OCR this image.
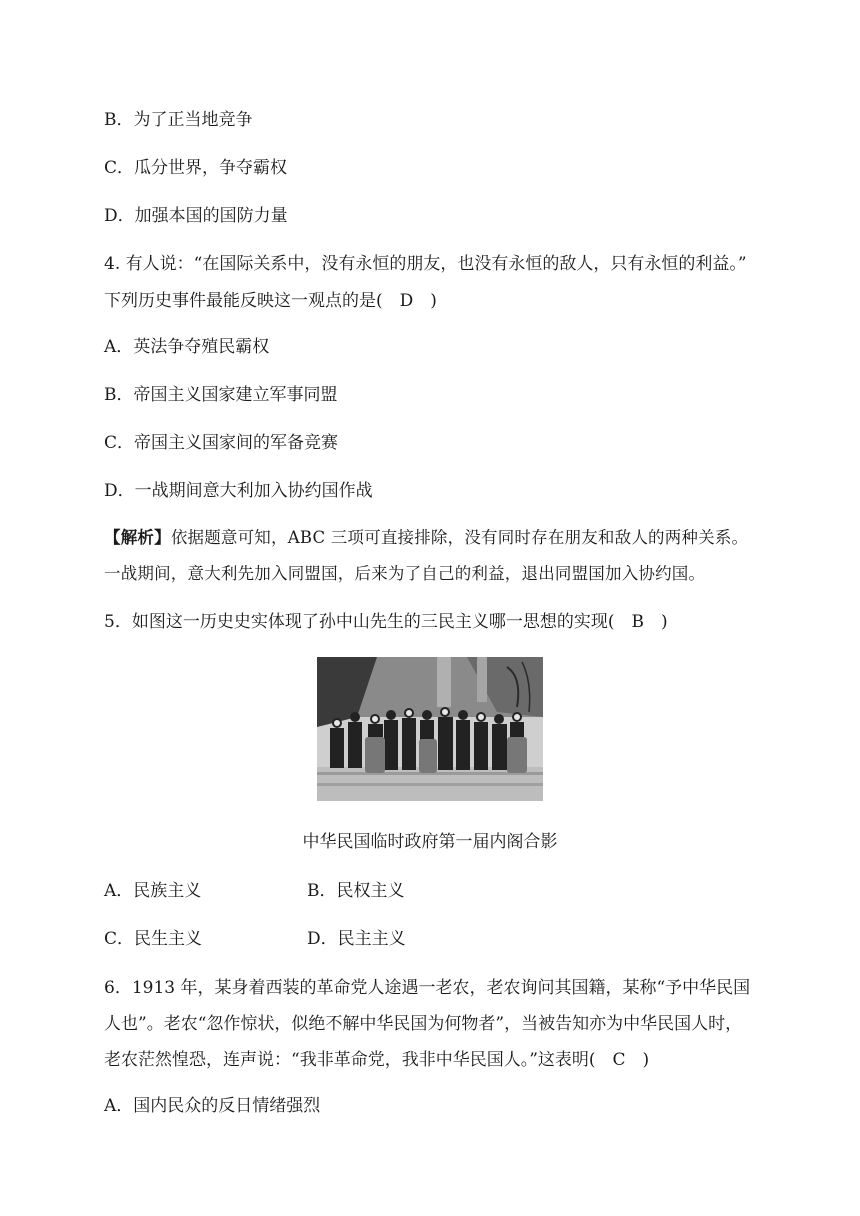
B．为了正当地竞争

C．瓜分世界，争夺霸权

D．加强本国的国防力量

4. 有人说：“在国际关系中，没有永恒的朋友，也没有永恒的敌人，只有永恒的利益。”

下列历史事件最能反映这一观点的是(　D　)

A．英法争夺殖民霸权

B．帝国主义国家建立军事同盟

C．帝国主义国家间的军备竞赛

D．一战期间意大利加入协约国作战

【解析】依据题意可知，ABC 三项可直接排除，没有同时存在朋友和敌人的两种关系。

一战期间，意大利先加入同盟国，后来为了自己的利益，退出同盟国加入协约国。

5．如图这一历史史实体现了孙中山先生的三民主义哪一思想的实现(　B　)

中华民国临时政府第一届内阁合影

A．民族主义	B．民权主义
C．民生主义	D．民主主义

6．1913 年，某身着西装的革命党人途遇一老农，老农询问其国籍，某称“予中华民国

人也”。老农“忽作惊状，似绝不解中华民国为何物者”，当被告知亦为中华民国人时，

老农茫然惶恐，连声说：“我非革命党，我非中华民国人。”这表明(　C　)

A．国内民众的反日情绪强烈
